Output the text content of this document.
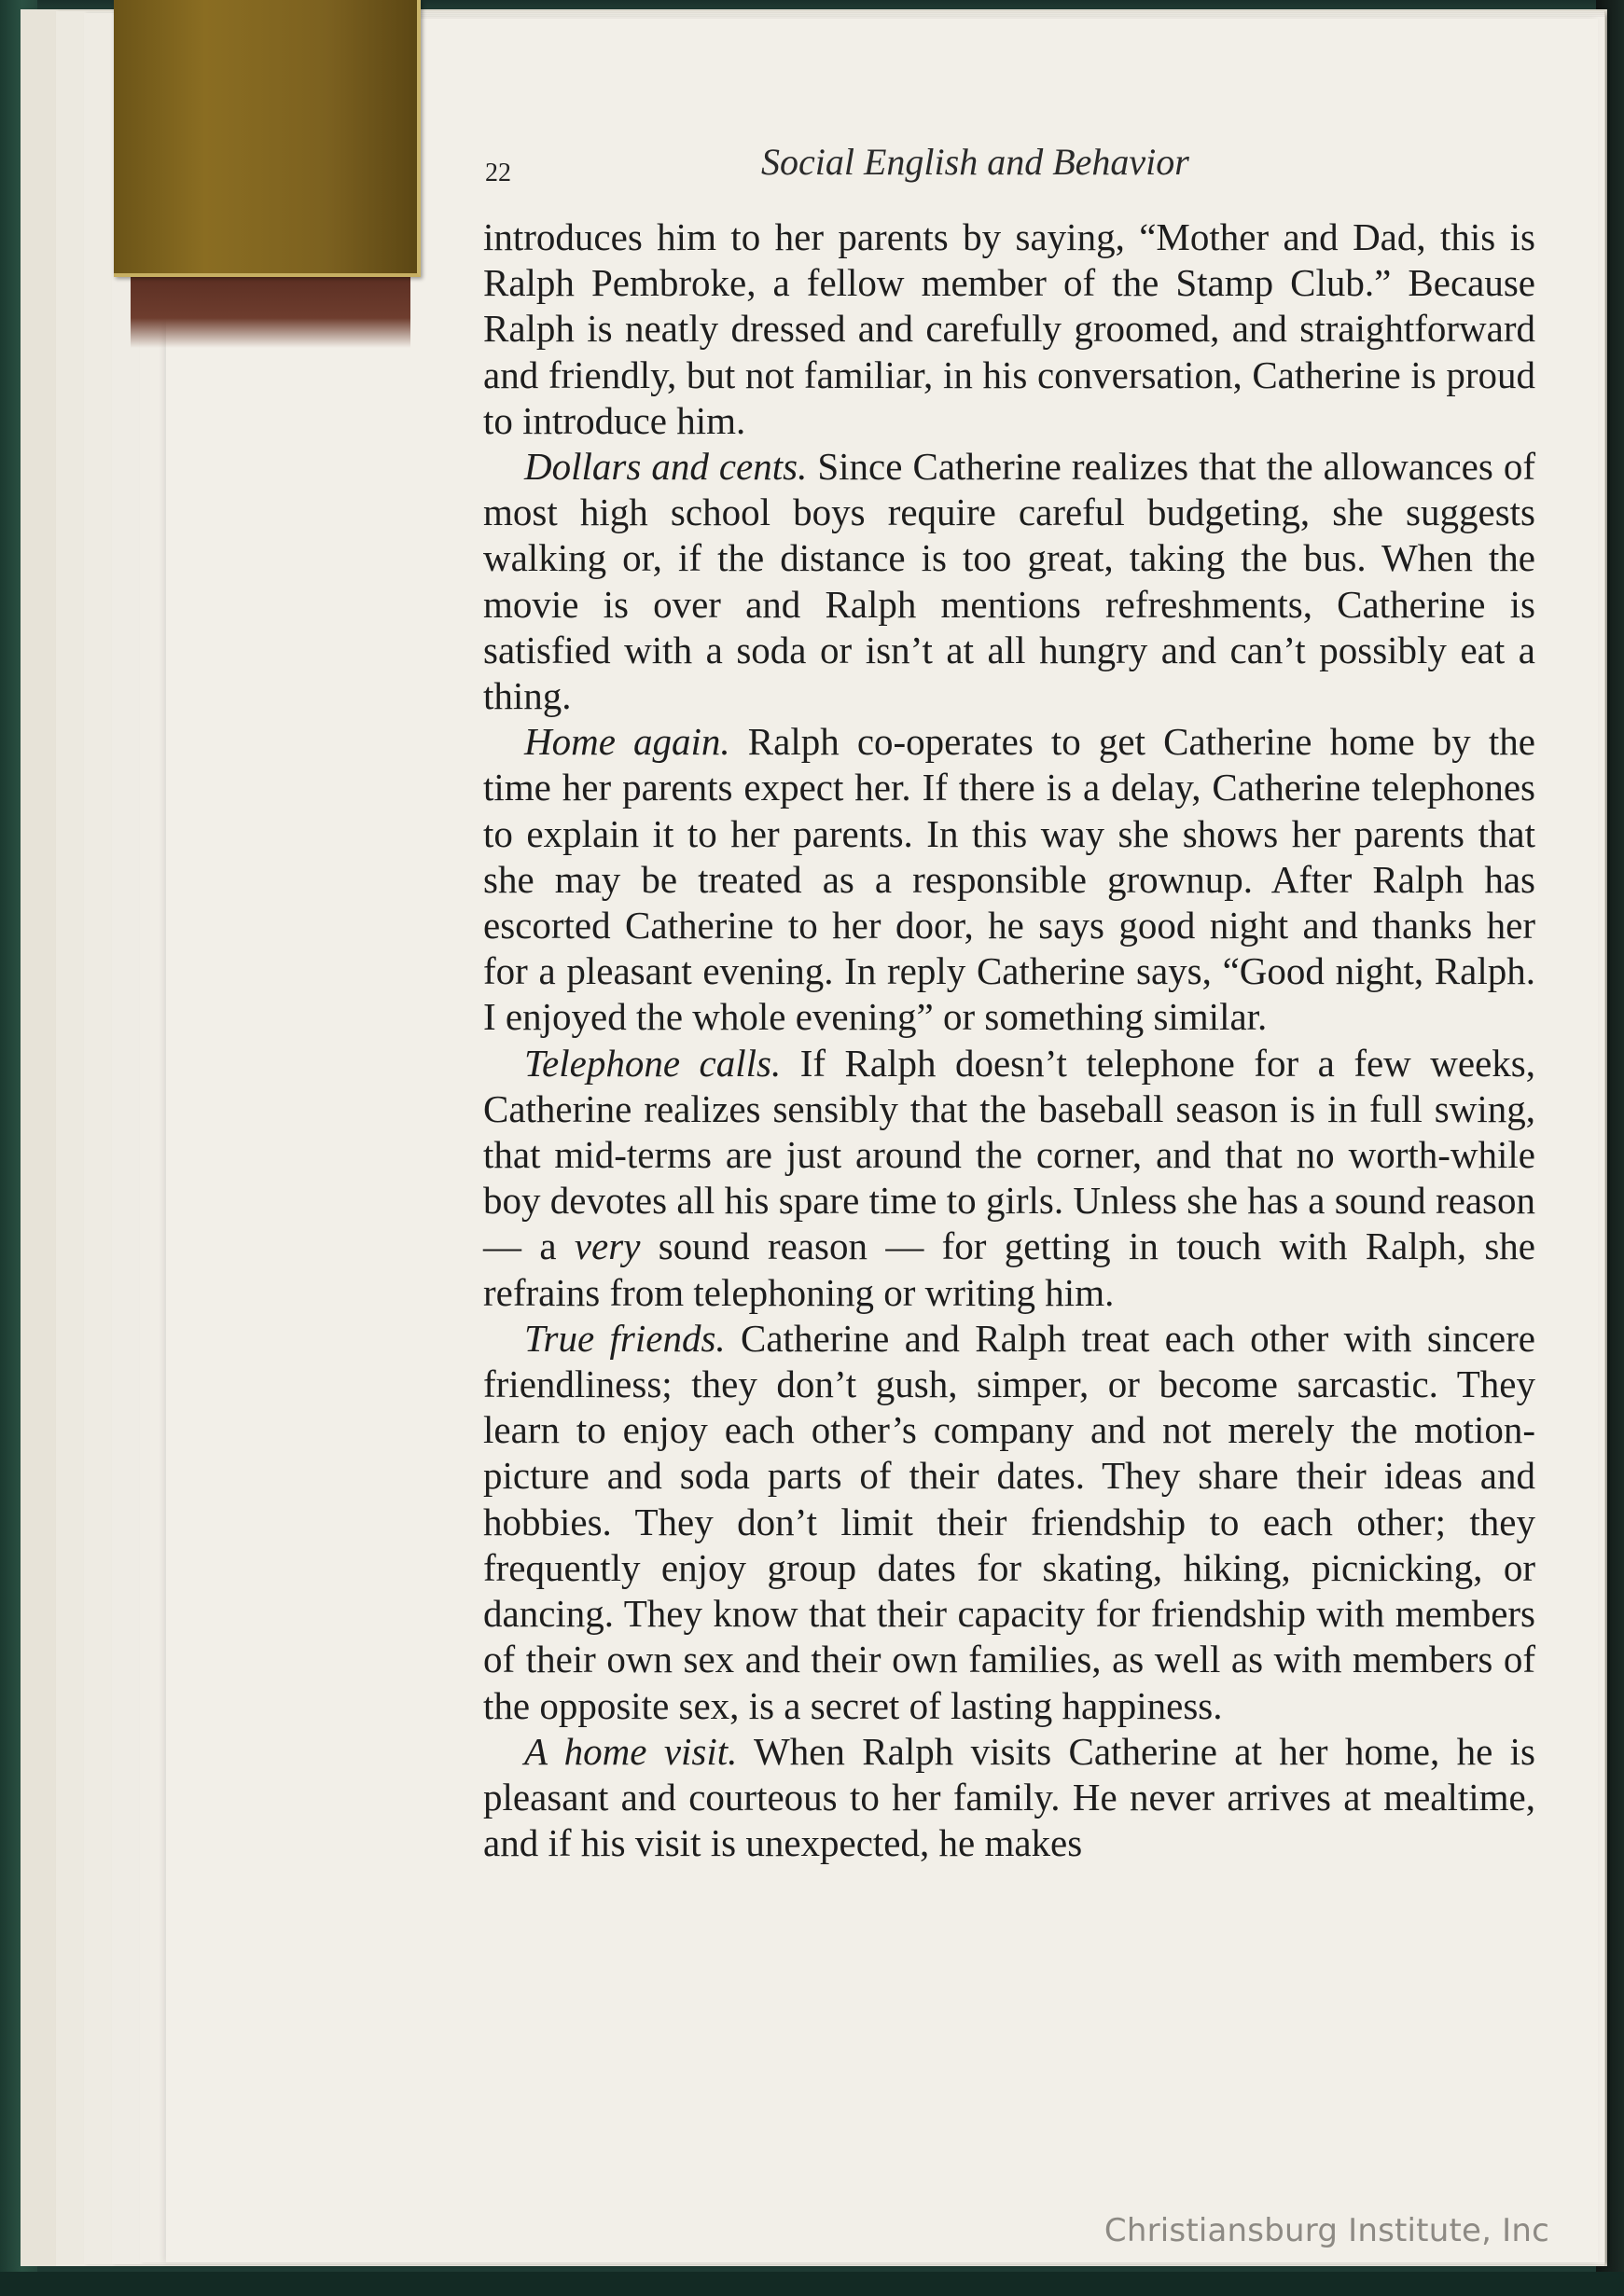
22	Social English and Behavior

introduces him to her parents by saying, “Mother and Dad, this is Ralph Pembroke, a fellow member of the Stamp Club.” Because Ralph is neatly dressed and carefully groomed, and straightforward and friendly, but not familiar, in his conversation, Catherine is proud to introduce him.

Dollars and cents. Since Catherine realizes that the allowances of most high school boys require careful budgeting, she suggests walking or, if the distance is too great, taking the bus. When the movie is over and Ralph mentions refreshments, Catherine is satisfied with a soda or isn’t at all hungry and can’t possibly eat a thing.

Home again. Ralph co-operates to get Catherine home by the time her parents expect her. If there is a delay, Catherine telephones to explain it to her parents. In this way she shows her parents that she may be treated as a responsible grownup. After Ralph has escorted Catherine to her door, he says good night and thanks her for a pleasant evening. In reply Catherine says, “Good night, Ralph. I enjoyed the whole evening” or something similar.

Telephone calls. If Ralph doesn’t telephone for a few weeks, Catherine realizes sensibly that the baseball season is in full swing, that mid-terms are just around the corner, and that no worth-while boy devotes all his spare time to girls. Unless she has a sound reason — a very sound reason — for getting in touch with Ralph, she refrains from telephoning or writing him.

True friends. Catherine and Ralph treat each other with sincere friendliness; they don’t gush, simper, or become sarcastic. They learn to enjoy each other’s company and not merely the motion-picture and soda parts of their dates. They share their ideas and hobbies. They don’t limit their friendship to each other; they frequently enjoy group dates for skating, hiking, picnicking, or dancing. They know that their capacity for friendship with members of their own sex and their own families, as well as with members of the opposite sex, is a secret of lasting happiness.

A home visit. When Ralph visits Catherine at her home, he is pleasant and courteous to her family. He never arrives at mealtime, and if his visit is unexpected, he makes

Christiansburg Institute, Inc
